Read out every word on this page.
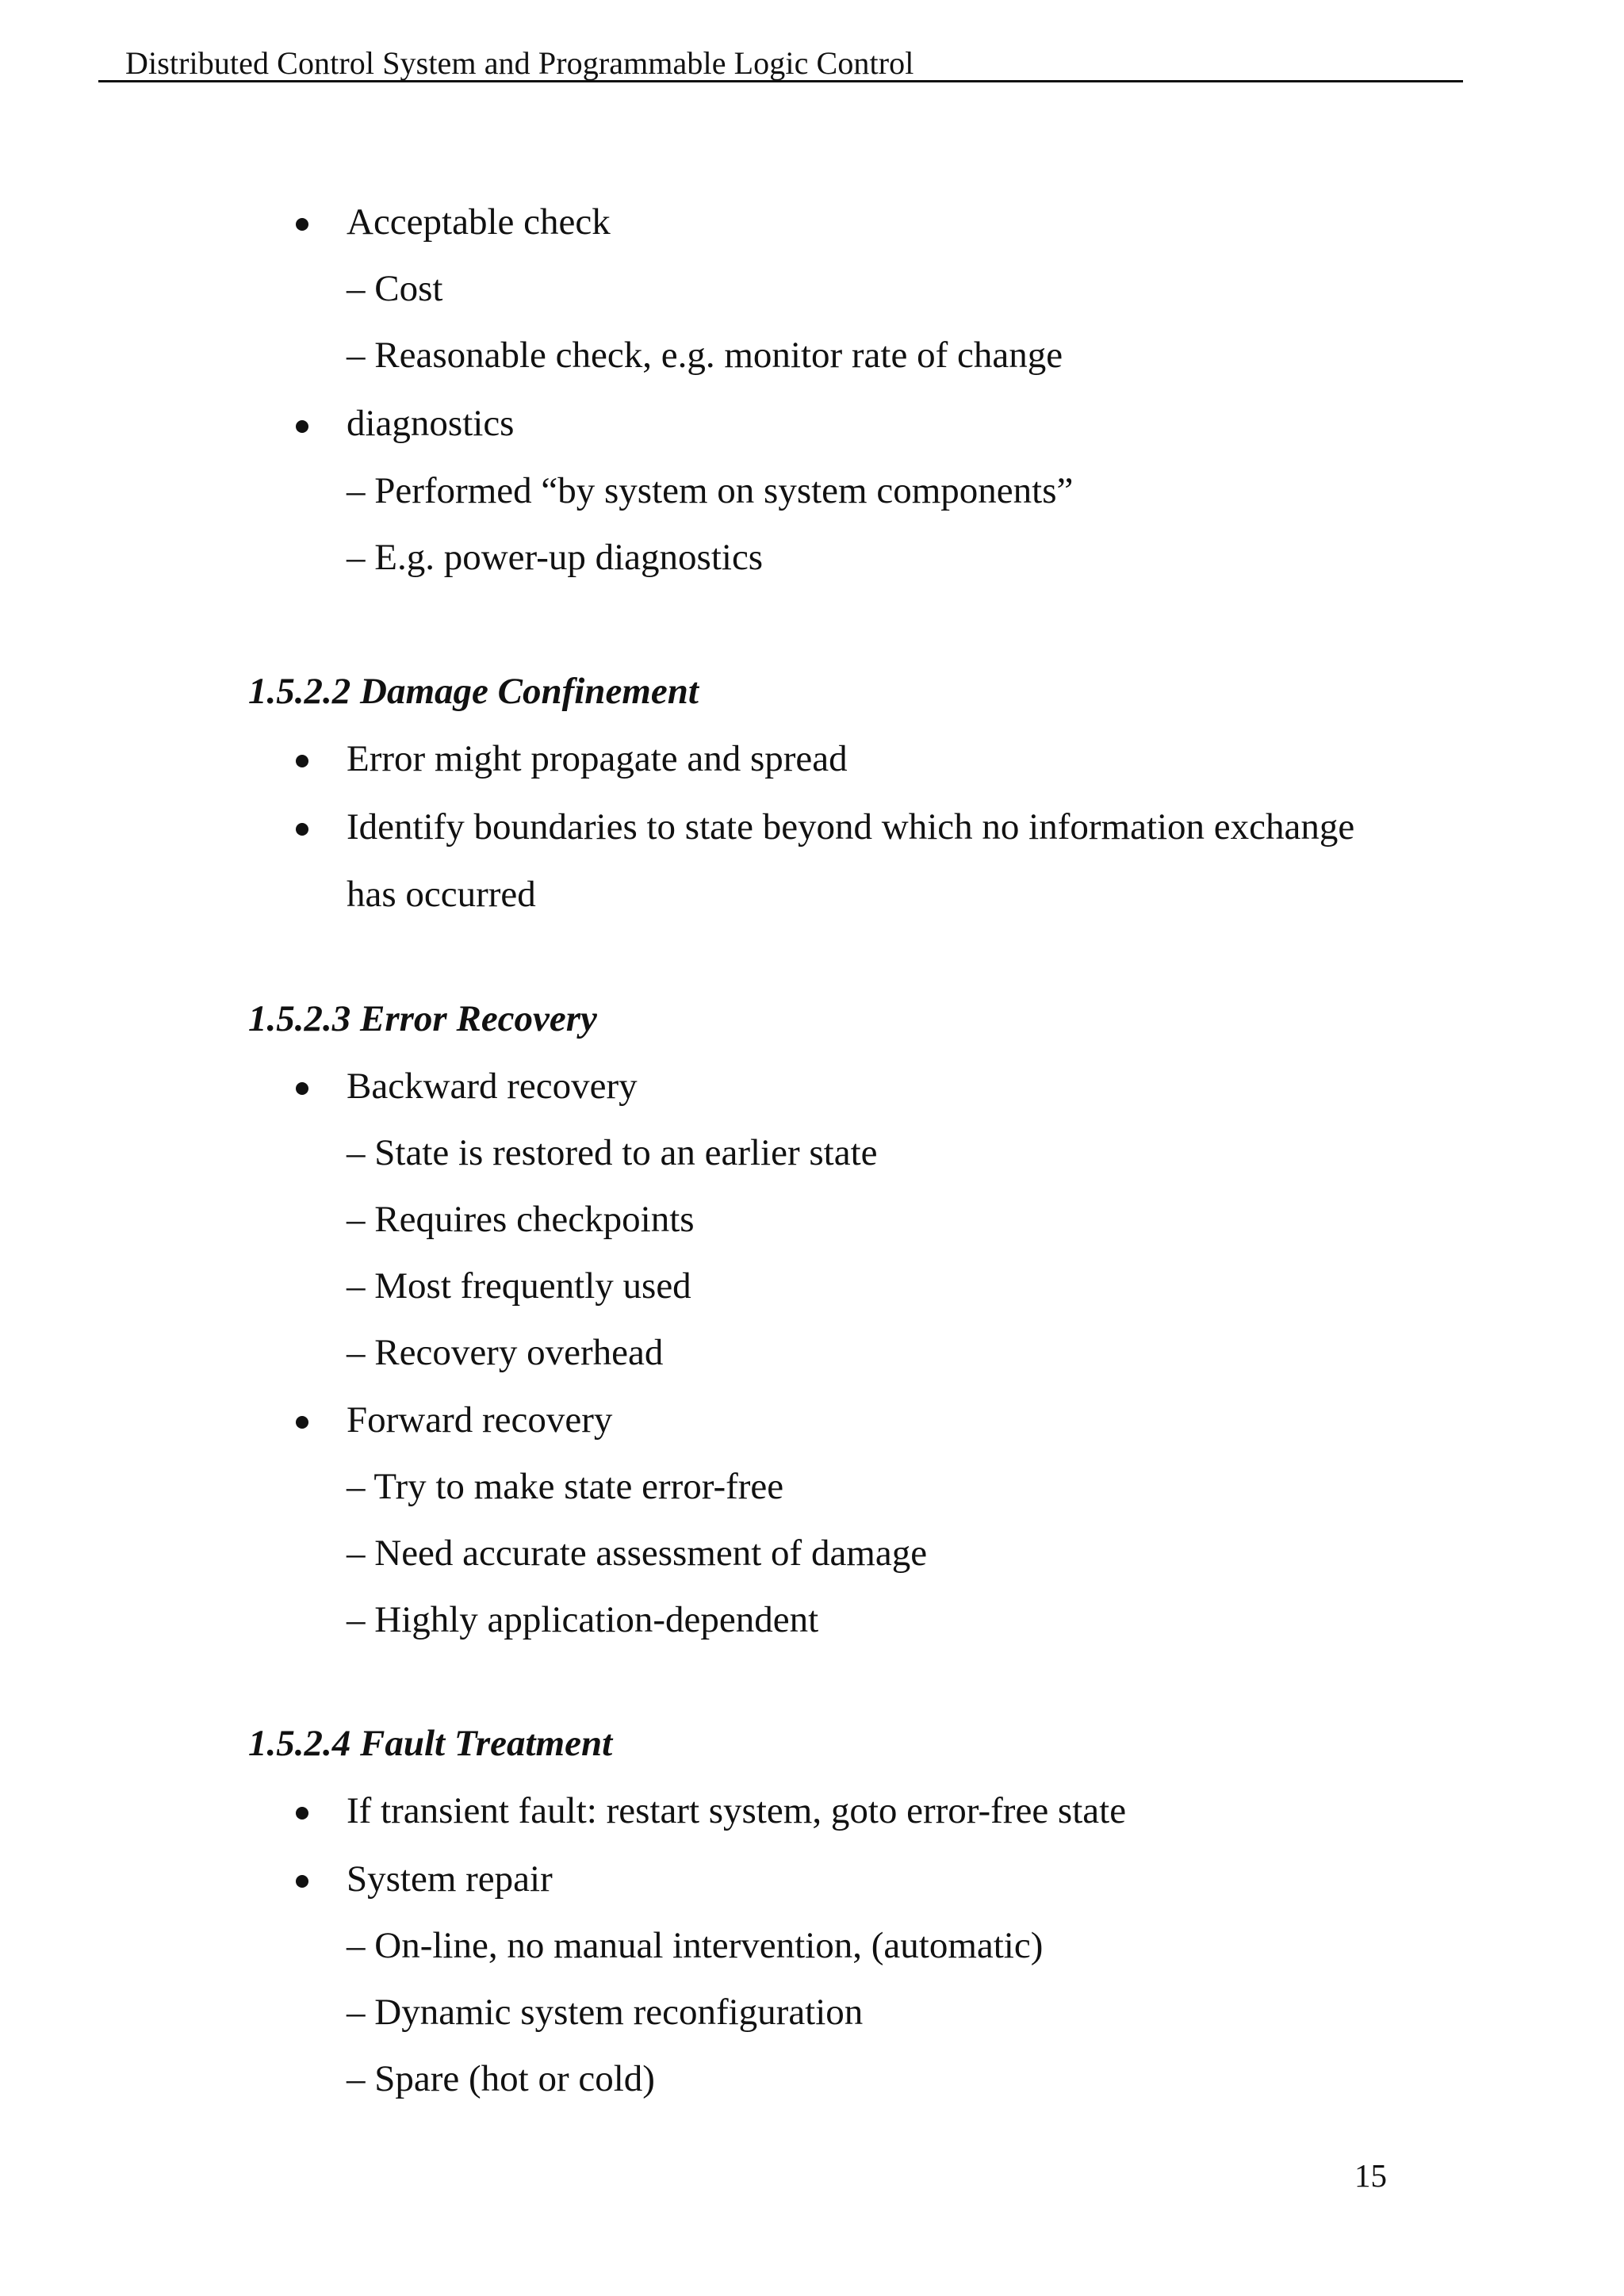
Distributed Control System and Programmable Logic Control
Acceptable check
– Cost
– Reasonable check, e.g. monitor rate of change
diagnostics
– Performed “by system on system components”
– E.g. power-up diagnostics
1.5.2.2 Damage Confinement
Error might propagate and spread
Identify boundaries to state beyond which no information exchange
has occurred
1.5.2.3 Error Recovery
Backward recovery
– State is restored to an earlier state
– Requires checkpoints
– Most frequently used
– Recovery overhead
Forward recovery
– Try to make state error-free
– Need accurate assessment of damage
– Highly application-dependent
1.5.2.4 Fault Treatment
If transient fault: restart system, goto error-free state
System repair
– On-line, no manual intervention, (automatic)
– Dynamic system reconfiguration
– Spare (hot or cold)
15
